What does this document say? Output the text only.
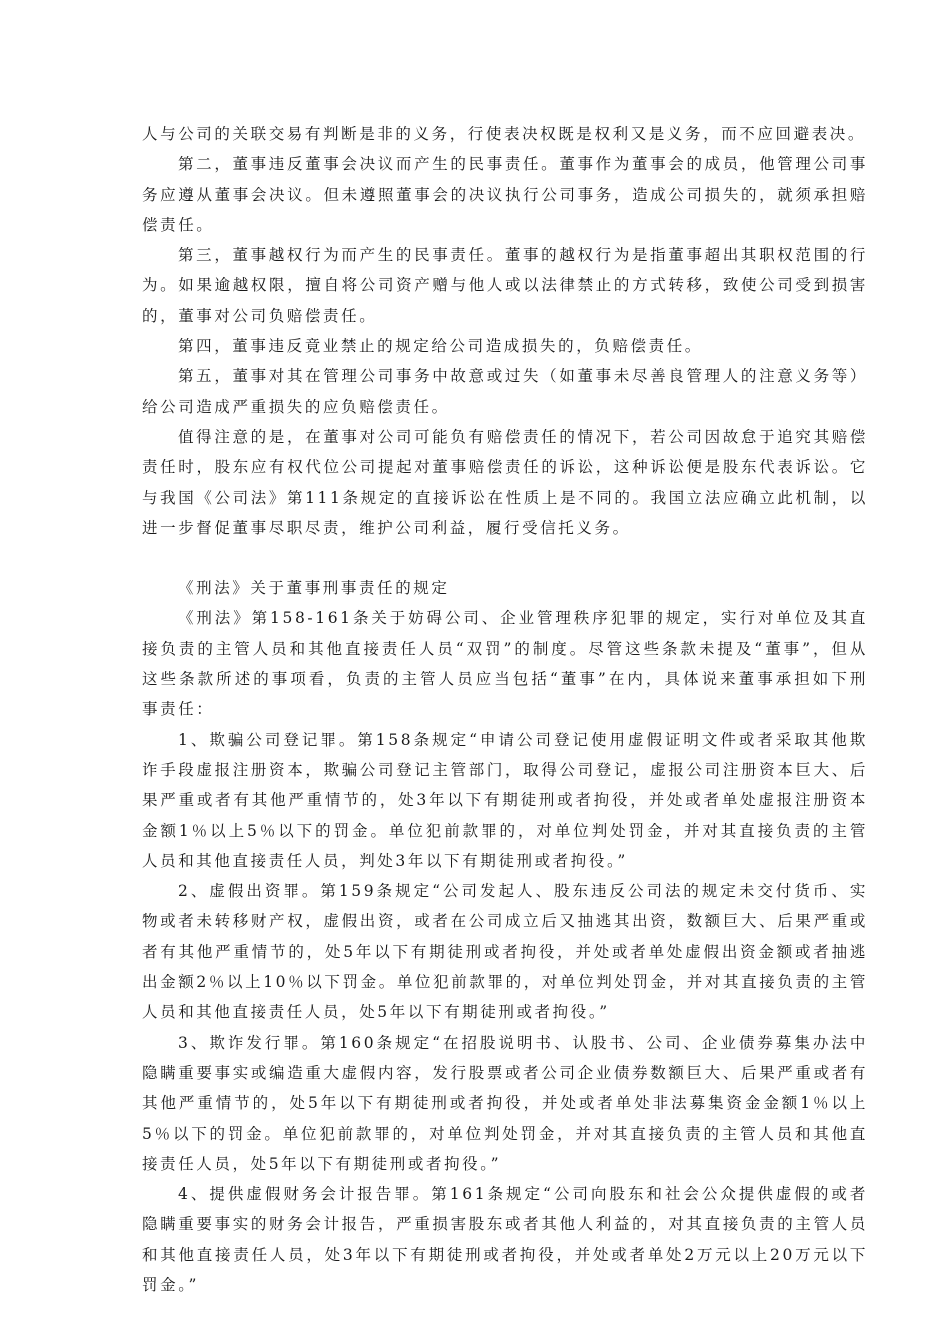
人与公司的关联交易有判断是非的义务，行使表决权既是权利又是义务，而不应回避表决。

第二，董事违反董事会决议而产生的民事责任。董事作为董事会的成员，他管理公司事务应遵从董事会决议。但未遵照董事会的决议执行公司事务，造成公司损失的，就须承担赔偿责任。

第三，董事越权行为而产生的民事责任。董事的越权行为是指董事超出其职权范围的行为。如果逾越权限，擅自将公司资产赠与他人或以法律禁止的方式转移，致使公司受到损害的，董事对公司负赔偿责任。

第四，董事违反竟业禁止的规定给公司造成损失的，负赔偿责任。

第五，董事对其在管理公司事务中故意或过失（如董事未尽善良管理人的注意义务等）给公司造成严重损失的应负赔偿责任。

值得注意的是，在董事对公司可能负有赔偿责任的情况下，若公司因故怠于追究其赔偿责任时，股东应有权代位公司提起对董事赔偿责任的诉讼，这种诉讼便是股东代表诉讼。它与我国《公司法》第111条规定的直接诉讼在性质上是不同的。我国立法应确立此机制，以进一步督促董事尽职尽责，维护公司利益，履行受信托义务。

《刑法》关于董事刑事责任的规定

《刑法》第158-161条关于妨碍公司、企业管理秩序犯罪的规定，实行对单位及其直接负责的主管人员和其他直接责任人员“双罚”的制度。尽管这些条款未提及“董事”，但从这些条款所述的事项看，负责的主管人员应当包括“董事”在内，具体说来董事承担如下刑事责任：

1、欺骗公司登记罪。第158条规定“申请公司登记使用虚假证明文件或者采取其他欺诈手段虚报注册资本，欺骗公司登记主管部门，取得公司登记，虚报公司注册资本巨大、后果严重或者有其他严重情节的，处3年以下有期徒刑或者拘役，并处或者单处虚报注册资本金额1％以上5％以下的罚金。单位犯前款罪的，对单位判处罚金，并对其直接负责的主管人员和其他直接责任人员，判处3年以下有期徒刑或者拘役。”

2、虚假出资罪。第159条规定“公司发起人、股东违反公司法的规定未交付货币、实物或者未转移财产权，虚假出资，或者在公司成立后又抽逃其出资，数额巨大、后果严重或者有其他严重情节的，处5年以下有期徒刑或者拘役，并处或者单处虚假出资金额或者抽逃出金额2％以上10％以下罚金。单位犯前款罪的，对单位判处罚金，并对其直接负责的主管人员和其他直接责任人员，处5年以下有期徒刑或者拘役。”

3、欺诈发行罪。第160条规定“在招股说明书、认股书、公司、企业债券募集办法中隐瞒重要事实或编造重大虚假内容，发行股票或者公司企业债券数额巨大、后果严重或者有其他严重情节的，处5年以下有期徒刑或者拘役，并处或者单处非法募集资金金额1％以上5％以下的罚金。单位犯前款罪的，对单位判处罚金，并对其直接负责的主管人员和其他直接责任人员，处5年以下有期徒刑或者拘役。”

4、提供虚假财务会计报告罪。第161条规定“公司向股东和社会公众提供虚假的或者隐瞒重要事实的财务会计报告，严重损害股东或者其他人利益的，对其直接负责的主管人员和其他直接责任人员，处3年以下有期徒刑或者拘役，并处或者单处2万元以上20万元以下罚金。”
